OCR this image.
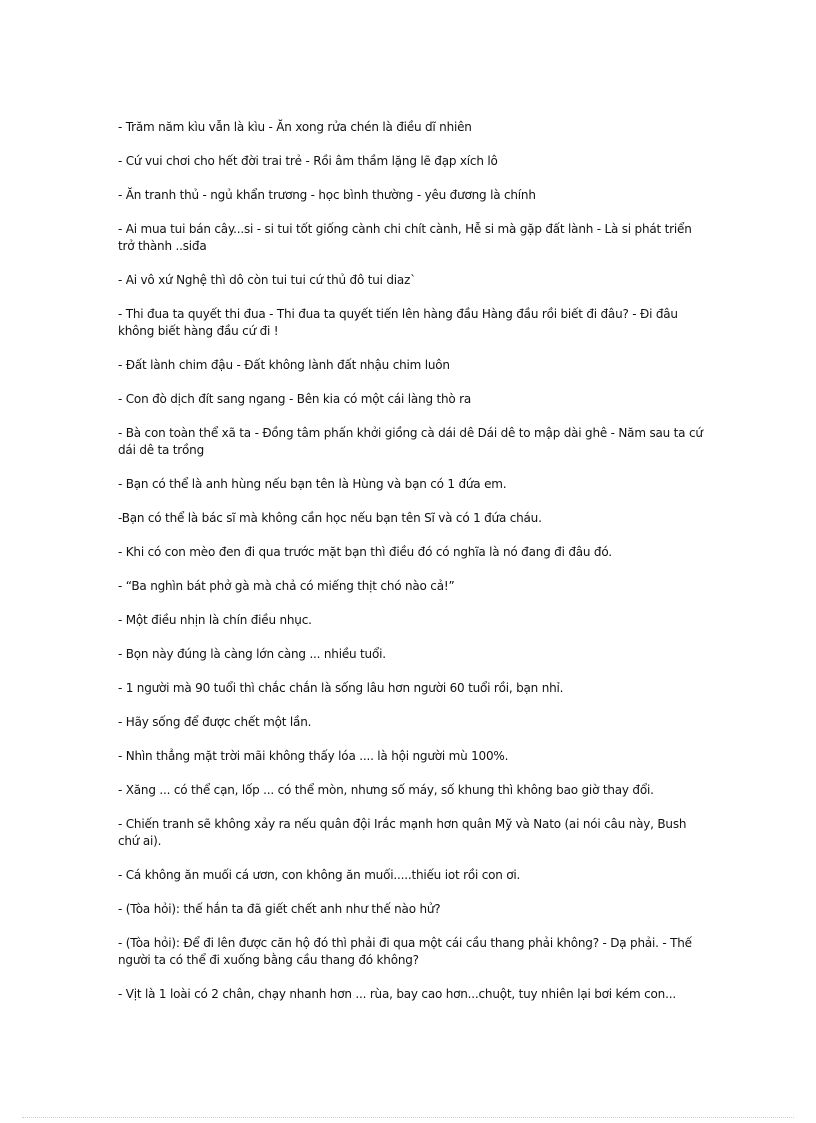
- Trăm năm kìu vẫn là kìu - Ăn xong rửa chén là điều dĩ nhiên

- Cứ vui chơi cho hết đời trai trẻ - Rồi âm thầm lặng lẽ đạp xích lô

- Ăn tranh thủ - ngủ khẩn trương - học bình thường - yêu đương là chính

- Ai mua tui bán cây...si - si tui tốt giống cành chi chít cành, Hễ si mà gặp đất lành - Là si phát triển trở thành ..siđa

- Ai vô xứ Nghệ thì dô còn tui tui cứ thủ đô tui diaz`

- Thi đua ta quyết thi đua - Thi đua ta quyết tiến lên hàng đầu Hàng đầu rồi biết đi đâu? - Đi đâu không biết hàng đầu cứ đi !

- Đất lành chim đậu - Đất không lành đất nhậu chim luôn

- Con đò dịch đít sang ngang - Bên kia có một cái làng thò ra

- Bà con toàn thể xã ta - Đồng tâm phấn khởi giồng cà dái dê Dái dê to mập dài ghê - Năm sau ta cứ dái dê ta trồng

- Bạn có thể là anh hùng nếu bạn tên là Hùng và bạn có 1 đứa em.

-Bạn có thể là bác sĩ mà không cần học nếu bạn tên Sĩ và có 1 đứa cháu.

- Khi có con mèo đen đi qua trước mặt bạn thì điều đó có nghĩa là nó đang đi đâu đó.

- “Ba nghìn bát phở gà mà chả có miếng thịt chó nào cả!”

- Một điều nhịn là chín điều nhục.

- Bọn này đúng là càng lớn càng ... nhiều tuổi.

- 1 người mà 90 tuổi thì chắc chắn là sống lâu hơn người 60 tuổi rồi, bạn nhỉ.

- Hãy sống để được chết một lần.

- Nhìn thẳng mặt trời mãi không thấy lóa .... là hội người mù 100%.

- Xăng ... có thể cạn, lốp ... có thể mòn, nhưng số máy, số khung thì không bao giờ thay đổi.

- Chiến tranh sẽ không xảy ra nếu quân đội Irắc mạnh hơn quân Mỹ và Nato (ai nói câu này, Bush chứ ai).

- Cá không ăn muối cá ươn, con không ăn muối.....thiếu iot rồi con ơi.

- (Tòa hỏi): thế hắn ta đã giết chết anh như thế nào hử?

- (Tòa hỏi): Để đi lên được căn hộ đó thì phải đi qua một cái cầu thang phải không? - Dạ phải. - Thế người ta có thể đi xuống bằng cầu thang đó không?

- Vịt là 1 loài có 2 chân, chạy nhanh hơn ... rùa, bay cao hơn...chuột, tuy nhiên lại bơi kém con...
